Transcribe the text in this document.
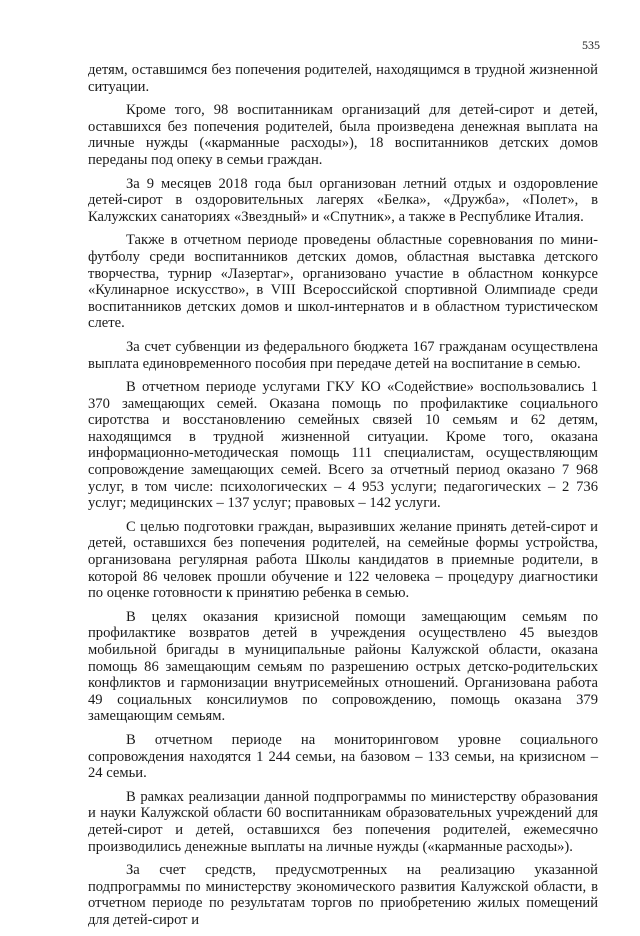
535

детям, оставшимся без попечения родителей, находящимся в трудной жизненной ситуации.

Кроме того, 98 воспитанникам организаций для детей-сирот и детей, оставшихся без попечения родителей, была произведена денежная выплата на личные нужды («карманные расходы»), 18 воспитанников детских домов переданы под опеку в семьи граждан.

За 9 месяцев 2018 года был организован летний отдых и оздоровление детей-сирот в оздоровительных лагерях «Белка», «Дружба», «Полет», в Калужских санаториях «Звездный» и «Спутник», а также в Республике Италия.

Также в отчетном периоде проведены областные соревнования по мини-футболу среди воспитанников детских домов, областная выставка детского творчества, турнир «Лазертаг», организовано участие в областном конкурсе «Кулинарное искусство», в VIII Всероссийской спортивной Олимпиаде среди воспитанников детских домов и школ-интернатов и в областном туристическом слете.

За счет субвенции из федерального бюджета 167 гражданам осуществлена выплата единовременного пособия при передаче детей на воспитание в семью.

В отчетном периоде услугами ГКУ КО «Содействие» воспользовались 1 370 замещающих семей. Оказана помощь по профилактике социального сиротства и восстановлению семейных связей 10 семьям и 62 детям, находящимся в трудной жизненной ситуации. Кроме того, оказана информационно-методическая помощь 111 специалистам, осуществляющим сопровождение замещающих семей. Всего за отчетный период оказано 7 968 услуг, в том числе: психологических – 4 953 услуги; педагогических – 2 736 услуг; медицинских – 137 услуг; правовых – 142 услуги.

С целью подготовки граждан, выразивших желание принять детей-сирот и детей, оставшихся без попечения родителей, на семейные формы устройства, организована регулярная работа Школы кандидатов в приемные родители, в которой 86 человек прошли обучение и 122 человека – процедуру диагностики по оценке готовности к принятию ребенка в семью.

В целях оказания кризисной помощи замещающим семьям по профилактике возвратов детей в учреждения осуществлено 45 выездов мобильной бригады в муниципальные районы Калужской области, оказана помощь 86 замещающим семьям по разрешению острых детско-родительских конфликтов и гармонизации внутрисемейных отношений. Организована работа 49 социальных консилиумов по сопровождению, помощь оказана 379 замещающим семьям.

В отчетном периоде на мониторинговом уровне социального сопровождения находятся 1 244 семьи, на базовом – 133 семьи, на кризисном – 24 семьи.

В рамках реализации данной подпрограммы по министерству образования и науки Калужской области 60 воспитанникам образовательных учреждений для детей-сирот и детей, оставшихся без попечения родителей, ежемесячно производились денежные выплаты на личные нужды («карманные расходы»).

За счет средств, предусмотренных на реализацию указанной подпрограммы по министерству экономического развития Калужской области, в отчетном периоде по результатам торгов по приобретению жилых помещений для детей-сирот и
